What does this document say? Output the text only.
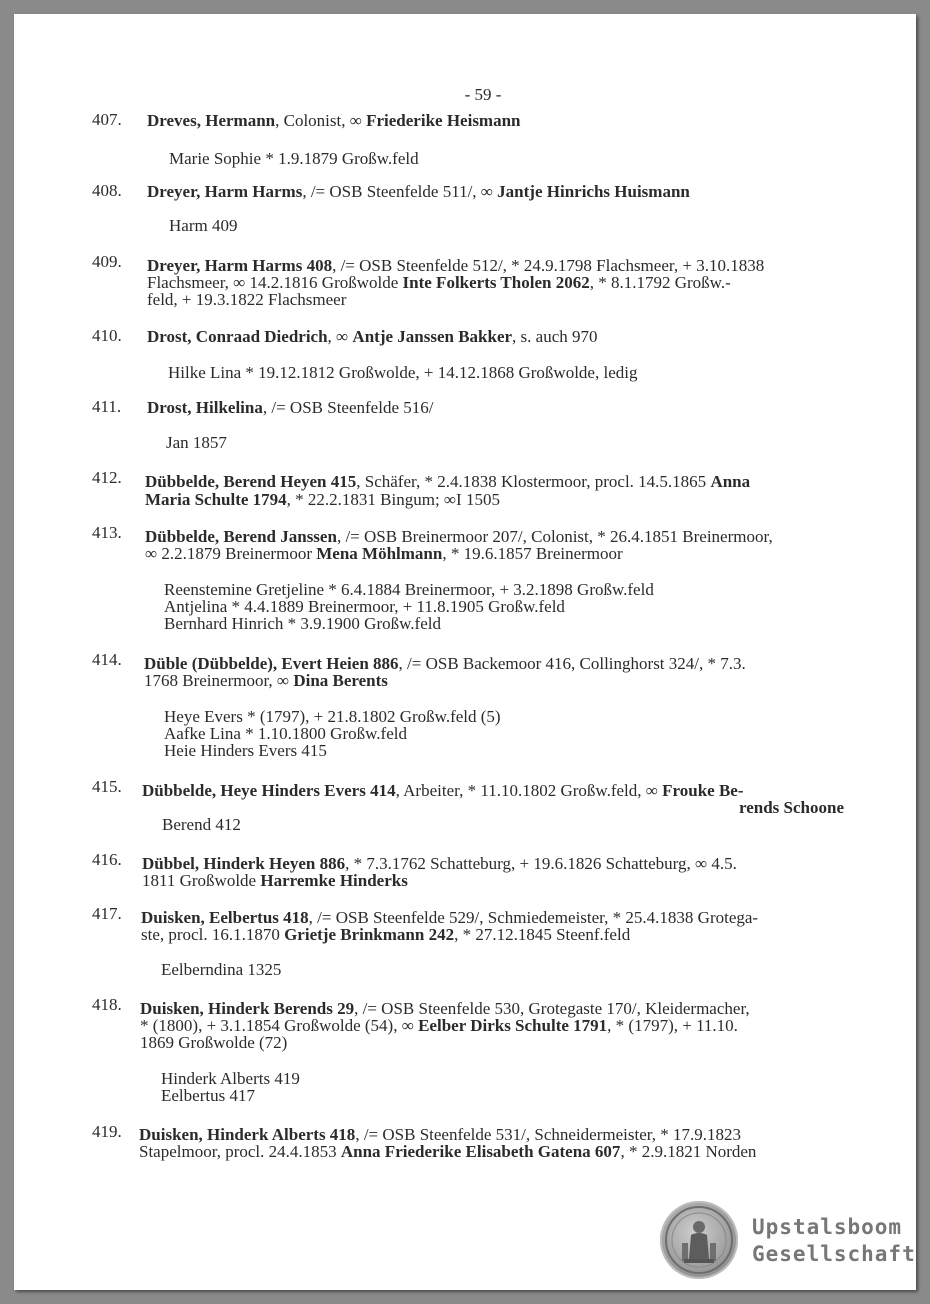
- 59 -
407. Dreves, Hermann, Colonist, ∞ Friederike Heismann
Marie Sophie * 1.9.1879 Großw.feld
408. Dreyer, Harm Harms, /= OSB Steenfelde 511/, ∞ Jantje Hinrichs Huismann
Harm 409
409. Dreyer, Harm Harms 408, /= OSB Steenfelde 512/, * 24.9.1798 Flachsmeer, + 3.10.1838
Flachsmeer, ∞ 14.2.1816 Großwolde Inte Folkerts Tholen 2062, * 8.1.1792 Großw.-
feld, + 19.3.1822 Flachsmeer
410. Drost, Conraad Diedrich, ∞ Antje Janssen Bakker, s. auch 970
Hilke Lina * 19.12.1812 Großwolde, + 14.12.1868 Großwolde, ledig
411. Drost, Hilkelina, /= OSB Steenfelde 516/
Jan 1857
412. Dübbelde, Berend Heyen 415, Schäfer, * 2.4.1838 Klostermoor, procl. 14.5.1865 Anna
Maria Schulte 1794, * 22.2.1831 Bingum; ∞I 1505
413. Dübbelde, Berend Janssen, /= OSB Breinermoor 207/, Colonist, * 26.4.1851 Breinermoor,
∞ 2.2.1879 Breinermoor Mena Möhlmann, * 19.6.1857 Breinermoor
Reenstemine Gretjeline * 6.4.1884 Breinermoor, + 3.2.1898 Großw.feld
Antjelina * 4.4.1889 Breinermoor, + 11.8.1905 Großw.feld
Bernhard Hinrich * 3.9.1900 Großw.feld
414. Düble (Dübbelde), Evert Heien 886, /= OSB Backemoor 416, Collinghorst 324/, * 7.3.
1768 Breinermoor, ∞ Dina Berents
Heye Evers * (1797), + 21.8.1802 Großw.feld (5)
Aafke Lina * 1.10.1800 Großw.feld
Heie Hinders Evers 415
415. Dübbelde, Heye Hinders Evers 414, Arbeiter, * 11.10.1802 Großw.feld, ∞ Frouke Be-
rends Schoone
Berend 412
416. Dübbel, Hinderk Heyen 886, * 7.3.1762 Schatteburg, + 19.6.1826 Schatteburg, ∞ 4.5.
1811 Großwolde Harremke Hinderks
417. Duisken, Eelbertus 418, /= OSB Steenfelde 529/, Schmiedemeister, * 25.4.1838 Grotega-
ste, procl. 16.1.1870 Grietje Brinkmann 242, * 27.12.1845 Steenf.feld
Eelberndina 1325
418. Duisken, Hinderk Berends 29, /= OSB Steenfelde 530, Grotegaste 170/, Kleidermacher,
* (1800), + 3.1.1854 Großwolde (54), ∞ Eelber Dirks Schulte 1791, * (1797), + 11.10.
1869 Großwolde (72)
Hinderk Alberts 419
Eelbertus 417
419. Duisken, Hinderk Alberts 418, /= OSB Steenfelde 531/, Schneidermeister, * 17.9.1823
Stapelmoor, procl. 24.4.1853 Anna Friederike Elisabeth Gatena 607, * 2.9.1821 Norden
Upstalsboom
Gesellschaft
